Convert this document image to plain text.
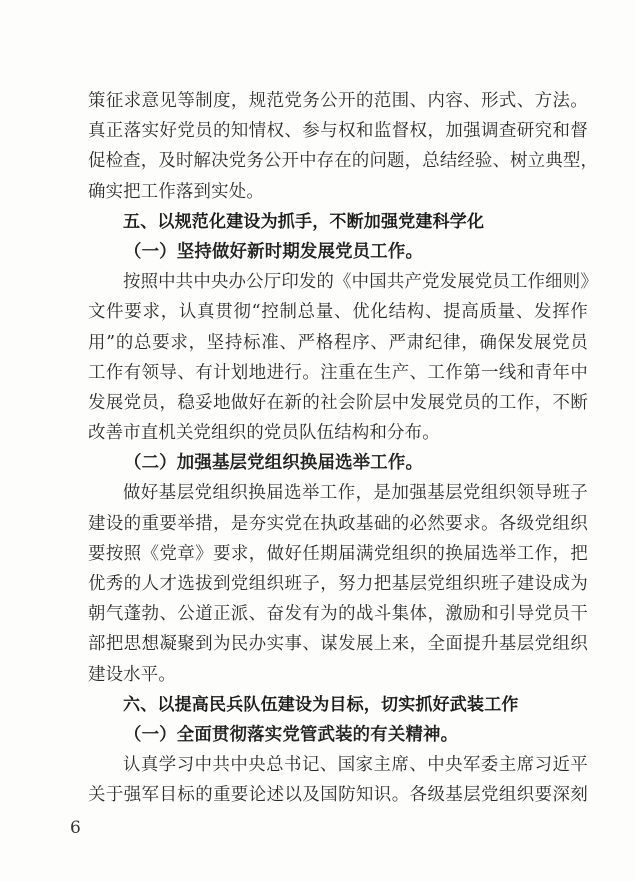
策征求意见等制度，规范党务公开的范围、内容、形式、方法。
真正落实好党员的知情权、参与权和监督权，加强调查研究和督
促检查，及时解决党务公开中存在的问题，总结经验、树立典型，
确实把工作落到实处。
五、以规范化建设为抓手，不断加强党建科学化
（一）坚持做好新时期发展党员工作。
按照中共中央办公厅印发的《中国共产党发展党员工作细则》
文件要求，认真贯彻“控制总量、优化结构、提高质量、发挥作
用”的总要求，坚持标准、严格程序、严肃纪律，确保发展党员
工作有领导、有计划地进行。注重在生产、工作第一线和青年中
发展党员，稳妥地做好在新的社会阶层中发展党员的工作，不断
改善市直机关党组织的党员队伍结构和分布。
（二）加强基层党组织换届选举工作。
做好基层党组织换届选举工作，是加强基层党组织领导班子
建设的重要举措，是夯实党在执政基础的必然要求。各级党组织
要按照《党章》要求，做好任期届满党组织的换届选举工作，把
优秀的人才选拔到党组织班子，努力把基层党组织班子建设成为
朝气蓬勃、公道正派、奋发有为的战斗集体，激励和引导党员干
部把思想凝聚到为民办实事、谋发展上来，全面提升基层党组织
建设水平。
六、以提高民兵队伍建设为目标，切实抓好武装工作
（一）全面贯彻落实党管武装的有关精神。
认真学习中共中央总书记、国家主席、中央军委主席习近平
关于强军目标的重要论述以及国防知识。各级基层党组织要深刻
6
